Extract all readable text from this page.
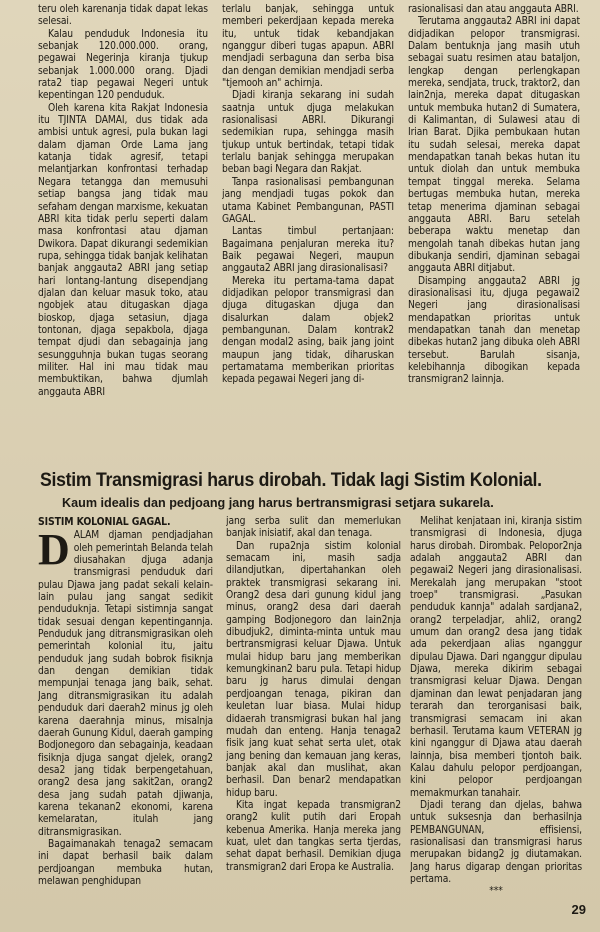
teru oleh karenanja tidak dapat lekas selesai.

Kalau penduduk Indonesia itu sebanjak 120.000.000. orang, pegawai Negerinja kiranja tjukup sebanjak 1.000.000 orang. Djadi rata2 tiap pegawai Negeri untuk kepentingan 120 penduduk.

Oleh karena kita Rakjat Indonesia itu TJINTA DAMAI, dus tidak ada ambisi untuk agresi, pula bukan lagi dalam djaman Orde Lama jang katanja tidak agresif, tetapi melantjarkan konfrontasi terhadap Negara tetangga dan memusuhi setiap bangsa jang tidak mau sefaham dengan marxisme, kekuatan ABRI kita tidak perlu seperti dalam masa konfrontasi atau djaman Dwikora. Dapat dikurangi sedemikian rupa, sehingga tidak banjak kelihatan banjak anggauta2 ABRI jang setiap hari lontang-lantung disependjang djalan dan keluar masuk toko, atau ngobjek atau ditugaskan djaga bioskop, djaga setasiun, djaga tontonan, djaga sepakbola, djaga tempat djudi dan sebagainja jang sesungguhnja bukan tugas seorang militer. Hal ini mau tidak mau membuktikan, bahwa djumlah anggauta ABRI

terlalu banjak, sehingga untuk memberi pekerdjaan kepada mereka itu, untuk tidak kebandjakan nganggur diberi tugas apapun. ABRI mendjadi serbaguna dan serba bisa dan dengan demikian mendjadi serba "tjemooh an" achirnja.

Djadi kiranja sekarang ini sudah saatnja untuk djuga melakukan rasionalisasi ABRI. Dikurangi sedemikian rupa, sehingga masih tjukup untuk bertindak, tetapi tidak terlalu banjak sehingga merupakan beban bagi Negara dan Rakjat.

Tanpa rasionalisasi pembangunan jang mendjadi tugas pokok dan utama Kabinet Pembangunan, PASTI GAGAL.

Lantas timbul pertanjaan: Bagaimana penjaluran mereka itu? Baik pegawai Negeri, maupun anggauta2 ABRI jang dirasionalisasi?

Mereka itu pertama-tama dapat didjadikan pelopor transmigrasi dan djuga ditugaskan djuga dan disalurkan dalam objek2 pembangunan. Dalam kontrak2 dengan modal2 asing, baik jang joint maupun jang tidak, diharuskan pertamatama memberikan prioritas kepada pegawai Negeri jang di-

rasionalisasi dan atau anggauta ABRI.

Terutama anggauta2 ABRI ini dapat didjadikan pelopor transmigrasi. Dalam bentuknja jang masih utuh sebagai suatu resimen atau bataljon, lengkap dengan perlengkapan mereka, sendjata, truck, traktor2, dan lain2nja, mereka dapat ditugaskan untuk membuka hutan2 di Sumatera, di Kalimantan, di Sulawesi atau di Irian Barat. Djika pembukaan hutan itu sudah selesai, mereka dapat mendapatkan tanah bekas hutan itu untuk diolah dan untuk membuka tempat tinggal mereka. Selama bertugas membuka hutan, mereka tetap menerima djaminan sebagai anggauta ABRI. Baru setelah beberapa waktu menetap dan mengolah tanah dibekas hutan jang dibukanja sendiri, djaminan sebagai anggauta ABRI ditjabut.

Disamping anggauta2 ABRI jg dirasionalisasi itu, djuga pegawai2 Negeri jang dirasionalisasi mendapatkan prioritas untuk mendapatkan tanah dan menetap dibekas hutan2 jang dibuka oleh ABRI tersebut. Barulah sisanja, kelebihannja dibogikan kepada transmigran2 lainnja.

Sistim Transmigrasi harus dirobah. Tidak lagi Sistim Kolonial.
Kaum idealis dan pedjoang jang harus bertransmigrasi setjara sukarela.
SISTIM KOLONIAL GAGAL.
D ALAM djaman pendjadjahan oleh pemerintah Belanda telah diusahakan djuga adanja transmigrasi penduduk dari pulau Djawa jang padat sekali kelain-lain pulau jang sangat sedikit penduduknja. Tetapi sistimnja sangat tidak sesuai dengan kepentingannja. Penduduk jang ditransmigrasikan oleh pemerintah kolonial itu, jaitu penduduk jang sudah bobrok fisiknja dan dengan demikian tidak mempunjai tenaga jang baik, sehat. Jang ditransmigrasikan itu adalah penduduk dari daerah2 minus jg oleh karena daerahnja minus, misalnja daerah Gunung Kidul, daerah gamping Bodjonegoro dan sebagainja, keadaan fisiknja djuga sangat djelek, orang2 desa2 jang tidak berpengetahuan, orang2 desa jang sakit2an, orang2 desa jang sudah patah djiwanja, karena tekanan2 ekonomi, karena kemelaratan, itulah jang ditransmigrasikan.

Bagaimanakah tenaga2 semacam ini dapat berhasil baik dalam perdjoangan membuka hutan, melawan penghidupan

jang serba sulit dan memerlukan banjak inisiatif, akal dan tenaga.

Dan rupa2nja sistim kolonial semacam ini, masih sadja dilandjutkan, dipertahankan oleh praktek transmigrasi sekarang ini. Orang2 desa dari gunung kidul jang minus, orang2 desa dari daerah gamping Bodjonegoro dan lain2nja dibudjuk2, diminta-minta untuk mau bertransmigrasi keluar Djawa. Untuk mulai hidup baru jang memberikan kemungkinan2 baru pula. Tetapi hidup baru jg harus dimulai dengan perdjoangan tenaga, pikiran dan keuletan luar biasa. Mulai hidup didaerah transmigrasi bukan hal jang mudah dan enteng. Hanja tenaga2 fisik jang kuat sehat serta ulet, otak jang bening dan kemauan jang keras, banjak akal dan muslihat, akan berhasil. Dan benar2 mendapatkan hidup baru.

Kita ingat kepada transmigran2 orang2 kulit putih dari Eropah kebenua Amerika. Hanja mereka jang kuat, ulet dan tangkas serta tjerdas, sehat dapat berhasil. Demikian djuga transmigran2 dari Eropa ke Australia.

Melihat kenjataan ini, kiranja sistim transmigrasi di Indonesia, djuga harus dirobah. Dirombak. Pelopor2nja adalah anggauta2 ABRI dan pegawai2 Negeri jang dirasionalisasi. Merekalah jang merupakan "stoot troep" transmigrasi. „Pasukan penduduk kannja" adalah sardjana2, orang2 terpeladjar, ahli2, orang2 umum dan orang2 desa jang tidak ada pekerdjaan alias nganggur dipulau Djawa. Dari nganggur dipulau Djawa, mereka dikirim sebagai transmigrasi keluar Djawa. Dengan djaminan dan lewat penjadaran jang terarah dan terorganisasi baik, transmigrasi semacam ini akan berhasil. Terutama kaum VETERAN jg kini nganggur di Djawa atau daerah lainnja, bisa memberi tjontoh baik. Kalau dahulu pelopor perdjoangan, kini pelopor perdjoangan memakmurkan tanahair.

Djadi terang dan djelas, bahwa untuk suksesnja dan berhasilnja PEMBANGUNAN, effisiensi, rasionalisasi dan transmigrasi harus merupakan bidang2 jg diutamakan. Jang harus digarap dengan prioritas pertama.

***

29
